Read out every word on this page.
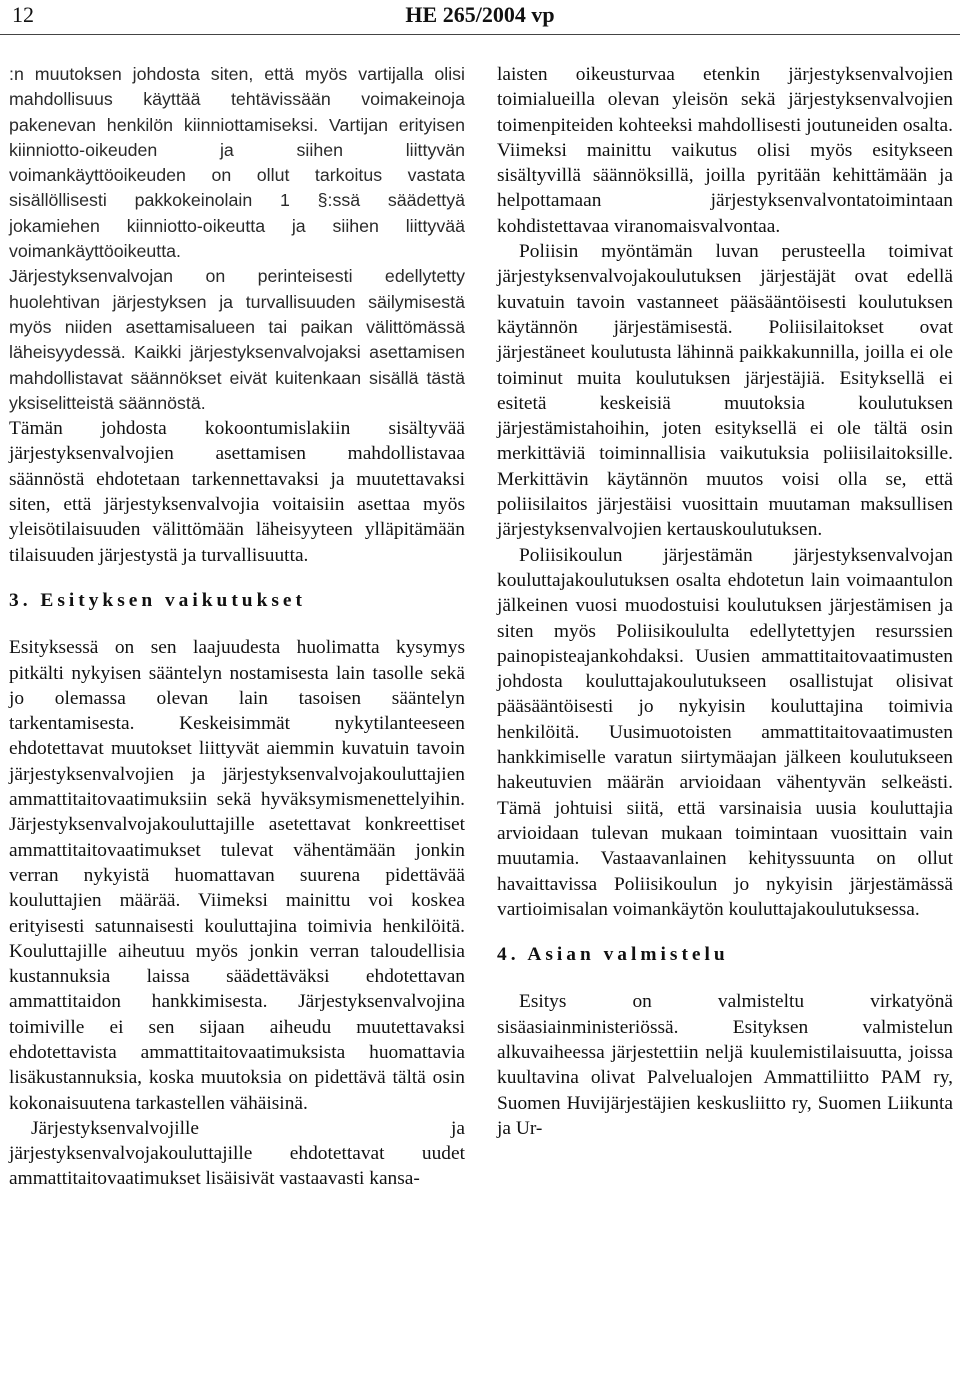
12	HE 265/2004 vp

:n muutoksen johdosta siten, että myös vartijalla olisi mahdollisuus käyttää tehtävissään voimakeinoja pakenevan henkilön kiinniottamiseksi. Vartijan erityisen kiinniotto-oikeuden ja siihen liittyvän voimankäyttöoikeuden on ollut tarkoitus vastata sisällöllisesti pakkokeinolain 1 §:ssä säädettyä jokamiehen kiinniotto-oikeutta ja siihen liittyvää voimankäyttöoikeutta.

Järjestyksenvalvojan on perinteisesti edellytetty huolehtivan järjestyksen ja turvallisuuden säilymisestä myös niiden asettamisalueen tai paikan välittömässä läheisyydessä. Kaikki järjestyksenvalvojaksi asettamisen mahdollistavat säännökset eivät kuitenkaan sisällä tästä yksiselitteistä säännöstä.

Tämän johdosta kokoontumislakiin sisältyvää järjestyksenvalvojien asettamisen mahdollistavaa säännöstä ehdotetaan tarkennettavaksi ja muutettavaksi siten, että järjestyksenvalvojia voitaisiin asettaa myös yleisötilaisuuden välittömään läheisyyteen ylläpitämään tilaisuuden järjestystä ja turvallisuutta.

3. Esityksen vaikutukset

Esityksessä on sen laajuudesta huolimatta kysymys pitkälti nykyisen sääntelyn nostamisesta lain tasolle sekä jo olemassa olevan lain tasoisen sääntelyn tarkentamisesta. Keskeisimmät nykytilanteeseen ehdotettavat muutokset liittyvät aiemmin kuvatuin tavoin järjestyksenvalvojien ja järjestyksenvalvojakouluttajien ammattitaitovaatimuksiin sekä hyväksymismenettelyihin. Järjestyksenvalvojakouluttajille asetettavat konkreettiset ammattitaitovaatimukset tulevat vähentämään jonkin verran nykyistä huomattavan suurena pidettävää kouluttajien määrää. Viimeksi mainittu voi koskea erityisesti satunnaisesti kouluttajina toimivia henkilöitä. Kouluttajille aiheutuu myös jonkin verran taloudellisia kustannuksia laissa säädettäväksi ehdotettavan ammattitaidon hankkimisesta. Järjestyksenvalvojina toimiville ei sen sijaan aiheudu muutettavaksi ehdotettavista ammattitaitovaatimuksista huomattavia lisäkustannuksia, koska muutoksia on pidettävä tältä osin kokonaisuutena tarkastellen vähäisinä.

Järjestyksenvalvojille ja järjestyksenvalvojakouluttajille ehdotettavat uudet ammattitaitovaatimukset lisäisivät vastaavasti kansa-

laisten oikeusturvaa etenkin järjestyksenvalvojien toimialueilla olevan yleisön sekä järjestyksenvalvojien toimenpiteiden kohteeksi mahdollisesti joutuneiden osalta. Viimeksi mainittu vaikutus olisi myös esitykseen sisältyvillä säännöksillä, joilla pyritään kehittämään ja helpottamaan järjestyksenvalvontatoimintaan kohdistettavaa viranomaisvalvontaa.

Poliisin myöntämän luvan perusteella toimivat järjestyksenvalvojakoulutuksen järjestäjät ovat edellä kuvatuin tavoin vastanneet pääsääntöisesti koulutuksen käytännön järjestämisestä. Poliisilaitokset ovat järjestäneet koulutusta lähinnä paikkakunnilla, joilla ei ole toiminut muita koulutuksen järjestäjiä. Esityksellä ei esitetä keskeisiä muutoksia koulutuksen järjestämistahoihin, joten esityksellä ei ole tältä osin merkittäviä toiminnallisia vaikutuksia poliisilaitoksille. Merkittävin käytännön muutos voisi olla se, että poliisilaitos järjestäisi vuosittain muutaman maksullisen järjestyksenvalvojien kertauskoulutuksen.

Poliisikoulun järjestämän järjestyksenvalvojan kouluttajakoulutuksen osalta ehdotetun lain voimaantulon jälkeinen vuosi muodostuisi koulutuksen järjestämisen ja siten myös Poliisikoululta edellytettyjen resurssien painopisteajankohdaksi. Uusien ammattitaitovaatimusten johdosta kouluttajakoulutukseen osallistujat olisivat pääsääntöisesti jo nykyisin kouluttajina toimivia henkilöitä. Uusimuotoisten ammattitaitovaatimusten hankkimiselle varatun siirtymäajan jälkeen koulutukseen hakeutuvien määrän arvioidaan vähentyvän selkeästi. Tämä johtuisi siitä, että varsinaisia uusia kouluttajia arvioidaan tulevan mukaan toimintaan vuosittain vain muutamia. Vastaavanlainen kehityssuunta on ollut havaittavissa Poliisikoulun jo nykyisin järjestämässä vartioimisalan voimankäytön kouluttajakoulutuksessa.

4. Asian valmistelu

Esitys on valmisteltu virkatyönä sisäasiainministeriössä. Esityksen valmistelun alkuvaiheessa järjestettiin neljä kuulemistilaisuutta, joissa kuultavina olivat Palvelualojen Ammattiliitto PAM ry, Suomen Huvijärjestäjien keskusliitto ry, Suomen Liikunta ja Ur-
